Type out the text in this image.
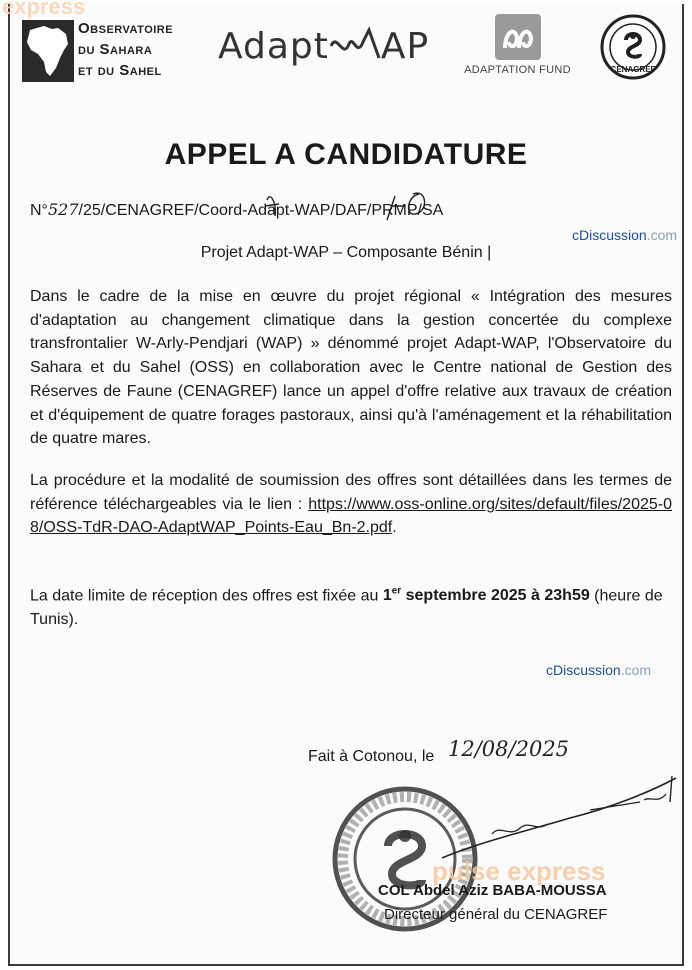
express
Observatoire
du Sahara
et du Sahel
Adapt AP
ADAPTATION FUND	CENAGREF
APPEL A CANDIDATURE
N°527/25/CENAGREF/Coord-Adapt-WAP/DAF/PRMP/SA
cDiscussion.com
Projet Adapt-WAP – Composante Bénin |

Dans le cadre de la mise en œuvre du projet régional « Intégration des mesures d'adaptation au changement climatique dans la gestion concertée du complexe transfrontalier W-Arly-Pendjari (WAP) » dénommé projet Adapt-WAP, l'Observatoire du Sahara et du Sahel (OSS) en collaboration avec le Centre national de Gestion des Réserves de Faune (CENAGREF) lance un appel d'offre relative aux travaux de création et d'équipement de quatre forages pastoraux, ainsi qu'à l'aménagement et la réhabilitation de quatre mares.

La procédure et la modalité de soumission des offres sont détaillées dans les termes de référence téléchargeables via le lien : https://www.oss-online.org/sites/default/files/2025-08/OSS-TdR-DAO-AdaptWAP_Points-Eau_Bn-2.pdf.

La date limite de réception des offres est fixée au 1er septembre 2025 à 23h59 (heure de Tunis).

cDiscussion.com
Fait à Cotonou, le 12/08/2025
pulse express
COL Abdel Aziz BABA-MOUSSA
Directeur général du CENAGREF
